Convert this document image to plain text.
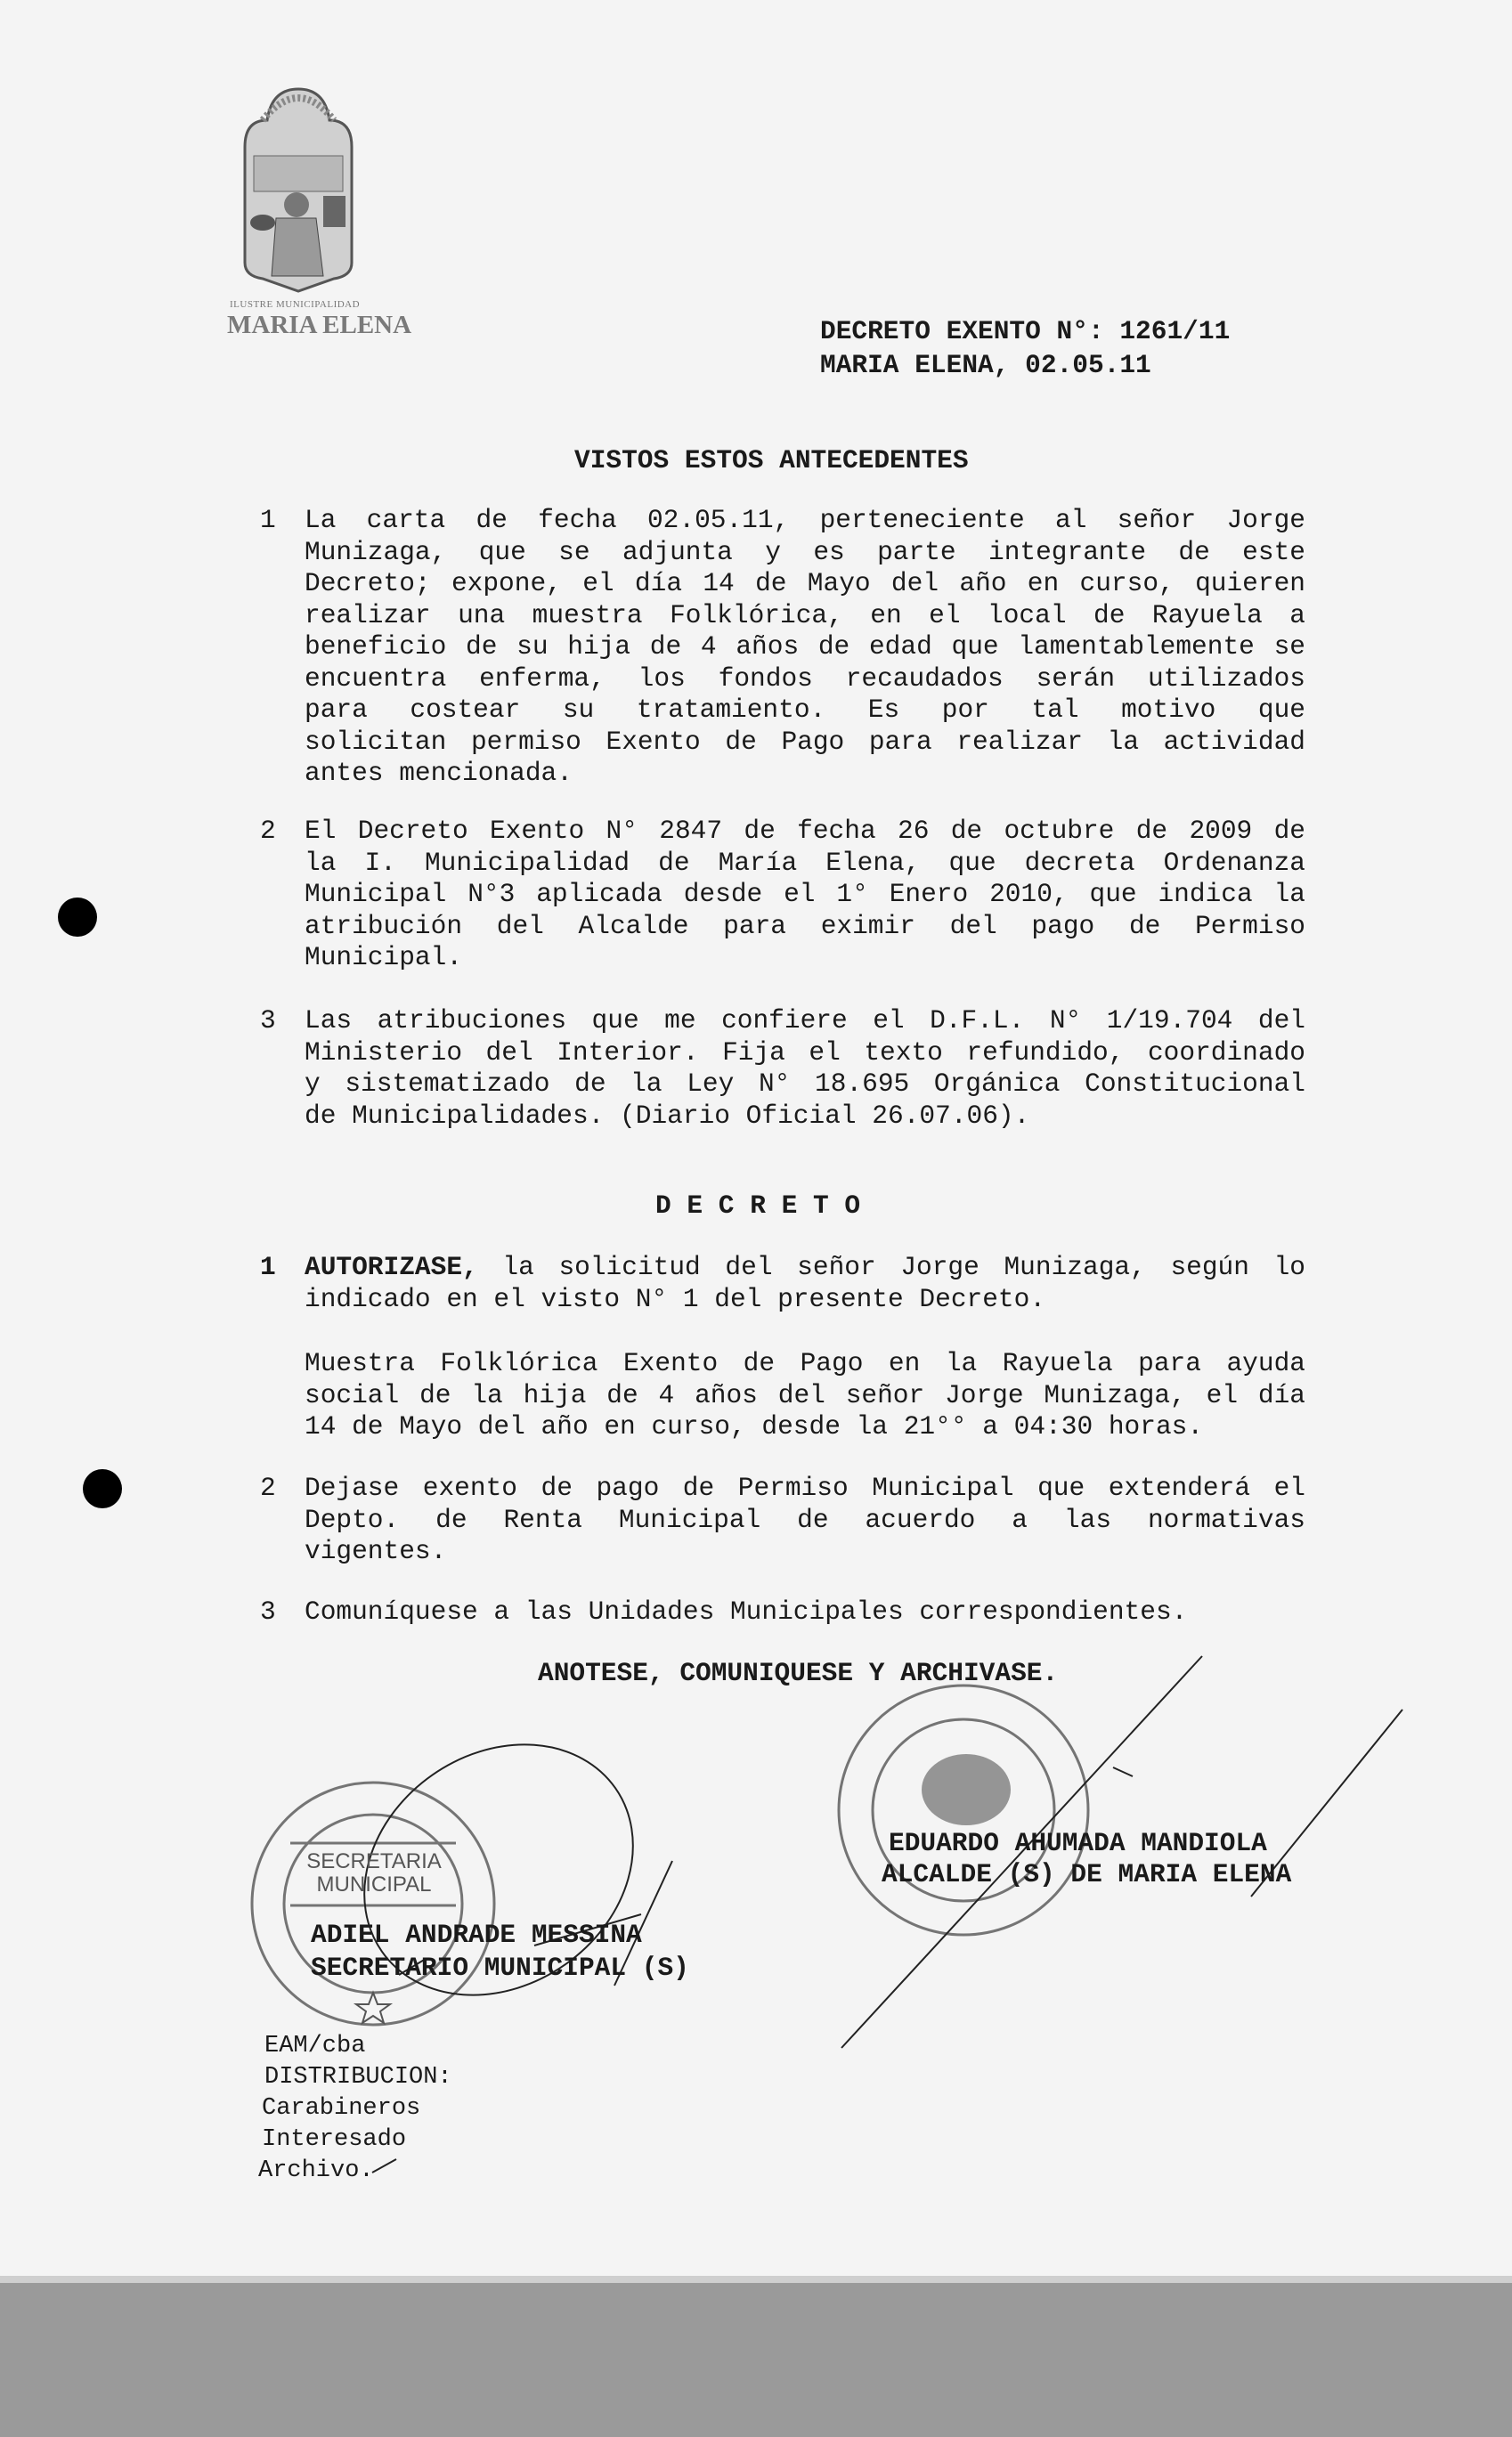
ILUSTRE MUNICIPALIDAD
MARIA ELENA	DECRETO EXENTO N°: 1261/11
MARIA ELENA, 02.05.11
VISTOS ESTOS ANTECEDENTES
1 La carta de fecha 02.05.11, perteneciente al señor Jorge
Munizaga, que se adjunta y es parte integrante de este
Decreto; expone, el día 14 de Mayo del año en curso, quieren
realizar una muestra Folklórica, en el local de Rayuela a
beneficio de su hija de 4 años de edad que lamentablemente se
encuentra enferma, los fondos recaudados serán utilizados
para costear su tratamiento. Es por tal motivo que
solicitan permiso Exento de Pago para realizar la actividad
antes mencionada.
2 El Decreto Exento N° 2847 de fecha 26 de octubre de 2009 de
la I. Municipalidad de María Elena, que decreta Ordenanza
Municipal N°3 aplicada desde el 1° Enero 2010, que indica la
atribución del Alcalde para eximir del pago de Permiso
Municipal.
3 Las atribuciones que me confiere el D.F.L. N° 1/19.704 del
Ministerio del Interior. Fija el texto refundido, coordinado
y sistematizado de la Ley N° 18.695 Orgánica Constitucional
de Municipalidades. (Diario Oficial 26.07.06).
D E C R E T O
1 AUTORIZASE, la solicitud del señor Jorge Munizaga, según lo
indicado en el visto N° 1 del presente Decreto.
Muestra Folklórica Exento de Pago en la Rayuela para ayuda
social de la hija de 4 años del señor Jorge Munizaga, el día
14 de Mayo del año en curso, desde la 21°° a 04:30 horas.
2 Dejase exento de pago de Permiso Municipal que extenderá el
Depto. de Renta Municipal de acuerdo a las normativas
vigentes.
3 Comuníquese a las Unidades Municipales correspondientes.
ANOTESE, COMUNIQUESE Y ARCHIVASE.
SECRETARIA MUNICIPAL
ADIEL ANDRADE MESSINA
SECRETARIO MUNICIPAL (S)
EDUARDO AHUMADA MANDIOLA
ALCALDE (S) DE MARIA ELENA
EAM/cba
DISTRIBUCION:
Carabineros
Interesado
Archivo.
